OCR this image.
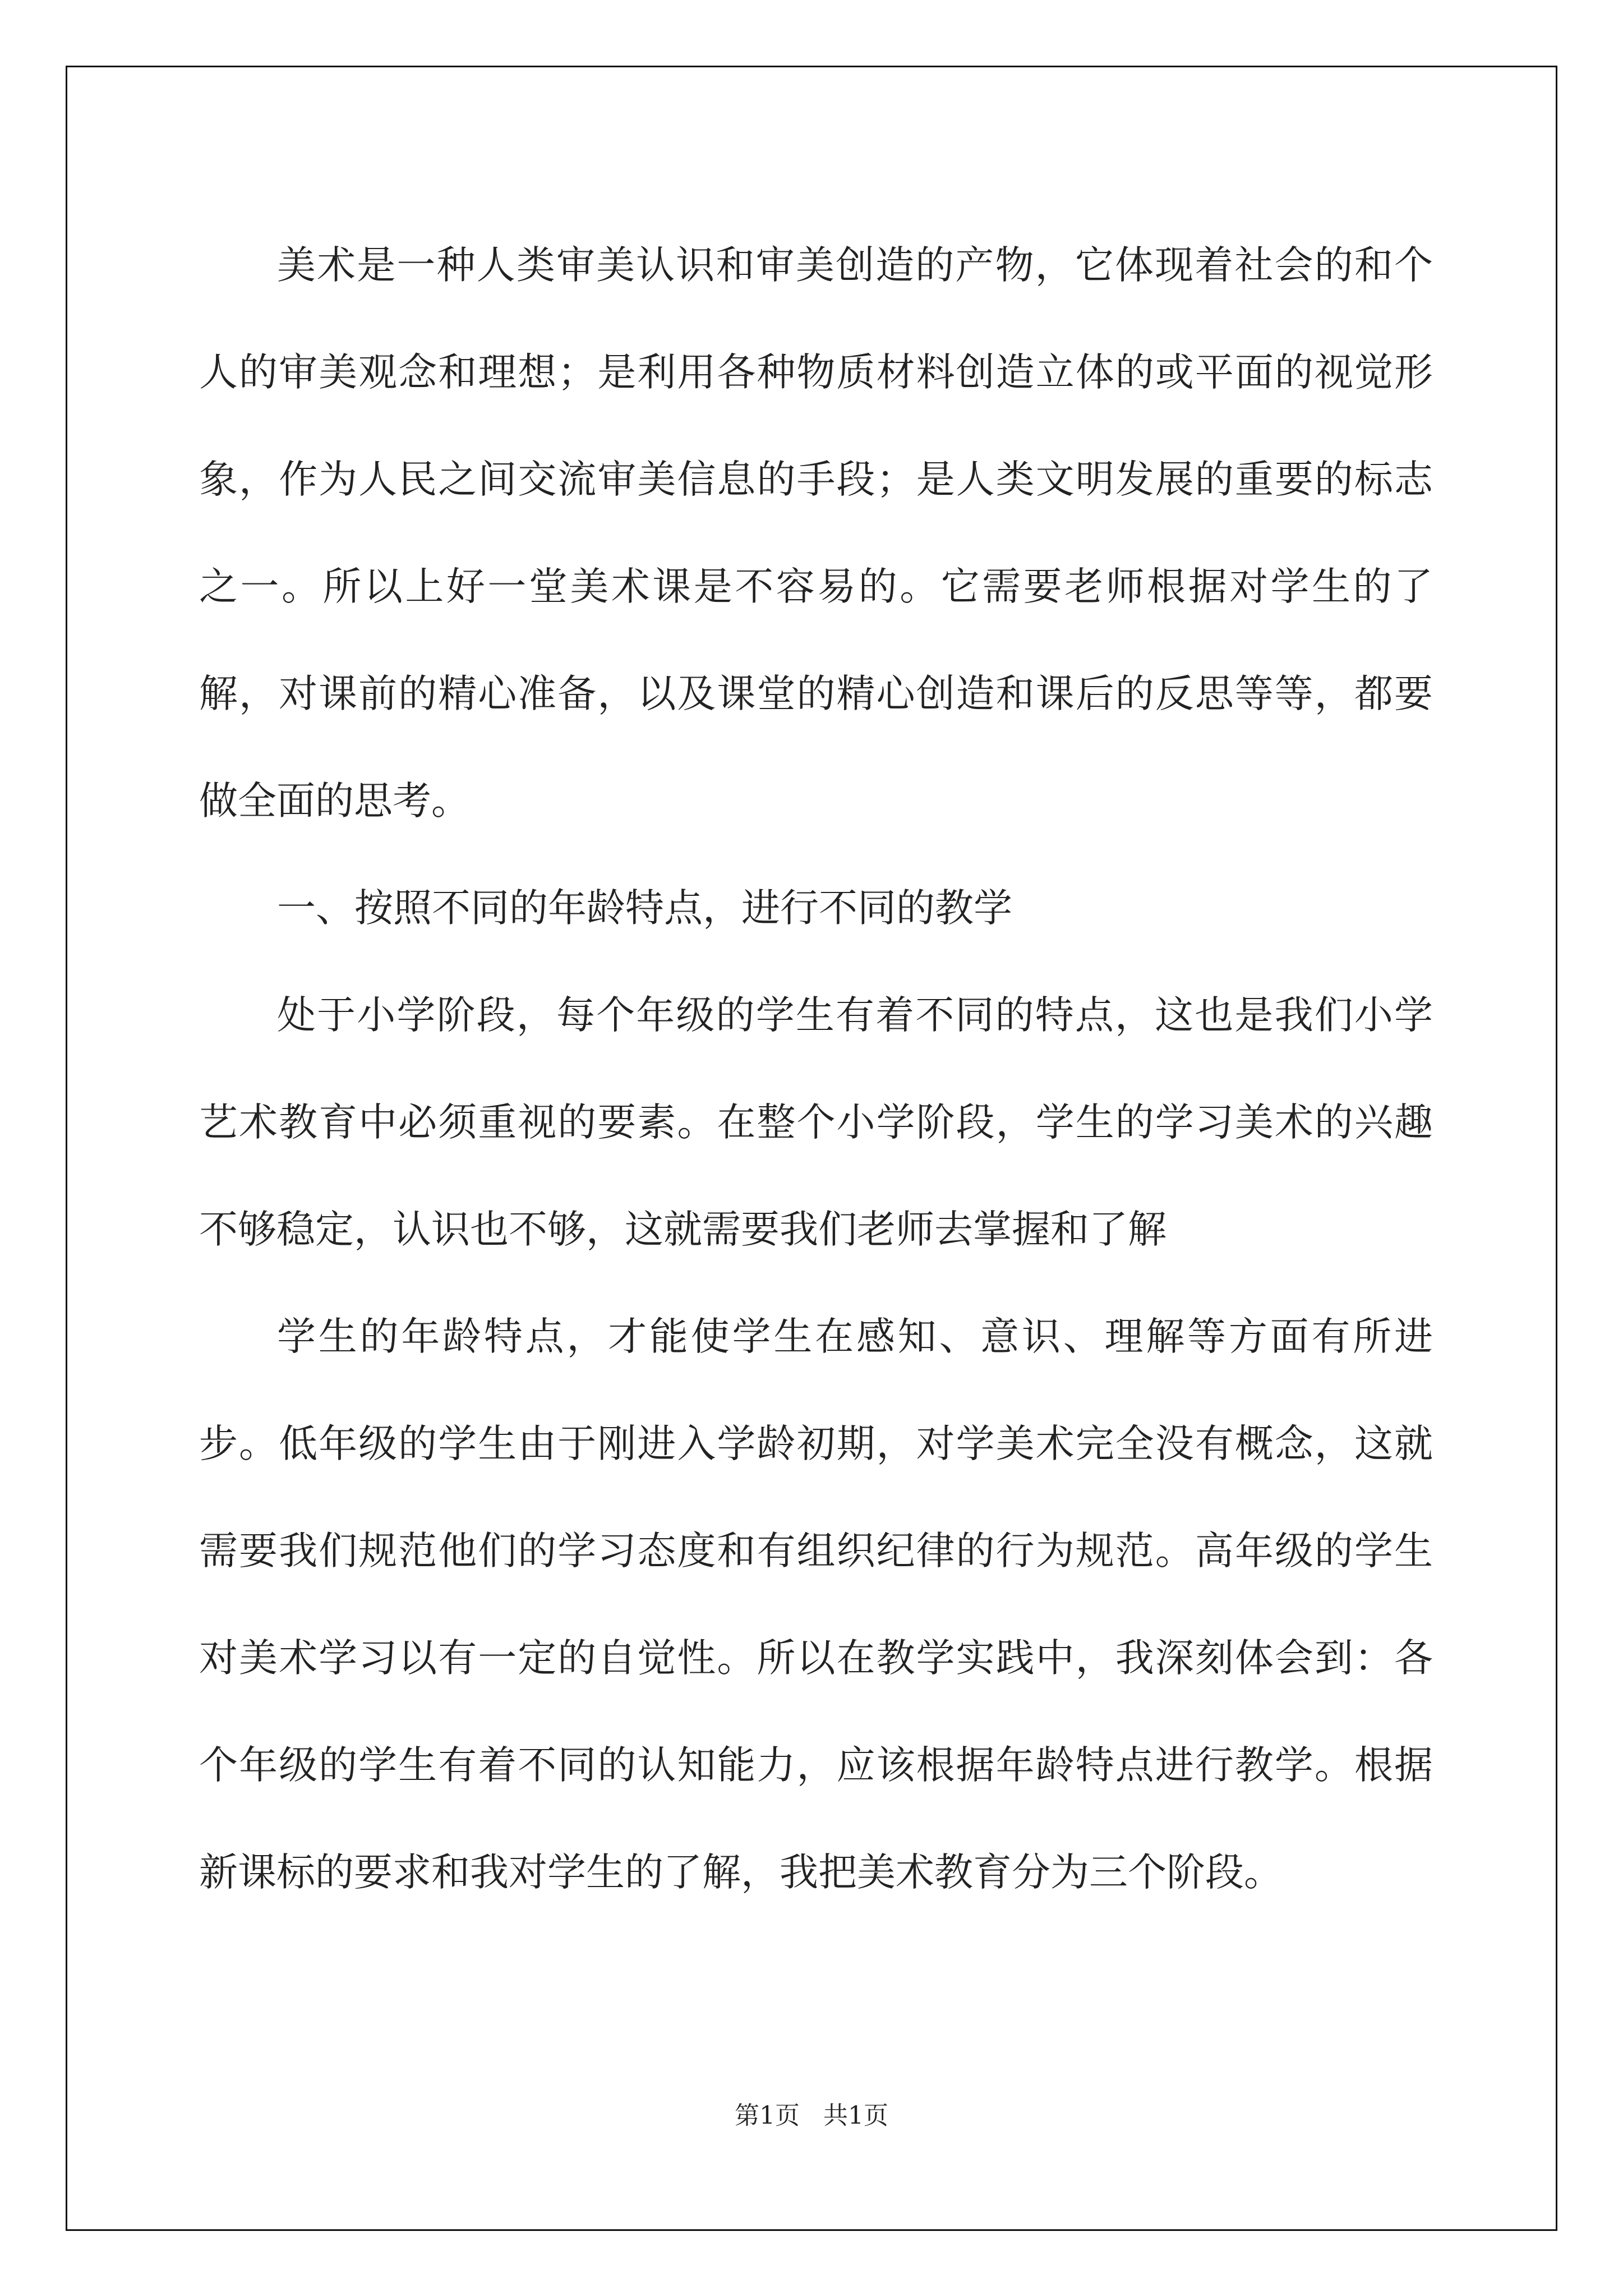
美术是一种人类审美认识和审美创造的产物，它体现着社会的和个人的审美观念和理想；是利用各种物质材料创造立体的或平面的视觉形象，作为人民之间交流审美信息的手段；是人类文明发展的重要的标志之一。所以上好一堂美术课是不容易的。它需要老师根据对学生的了解，对课前的精心准备，以及课堂的精心创造和课后的反思等等，都要做全面的思考。

一、按照不同的年龄特点，进行不同的教学

处于小学阶段，每个年级的学生有着不同的特点，这也是我们小学艺术教育中必须重视的要素。在整个小学阶段，学生的学习美术的兴趣不够稳定，认识也不够，这就需要我们老师去掌握和了解

学生的年龄特点，才能使学生在感知、意识、理解等方面有所进步。低年级的学生由于刚进入学龄初期，对学美术完全没有概念，这就需要我们规范他们的学习态度和有组织纪律的行为规范。高年级的学生对美术学习以有一定的自觉性。所以在教学实践中，我深刻体会到：各个年级的学生有着不同的认知能力，应该根据年龄特点进行教学。根据新课标的要求和我对学生的了解，我把美术教育分为三个阶段。

第1页   共1页
